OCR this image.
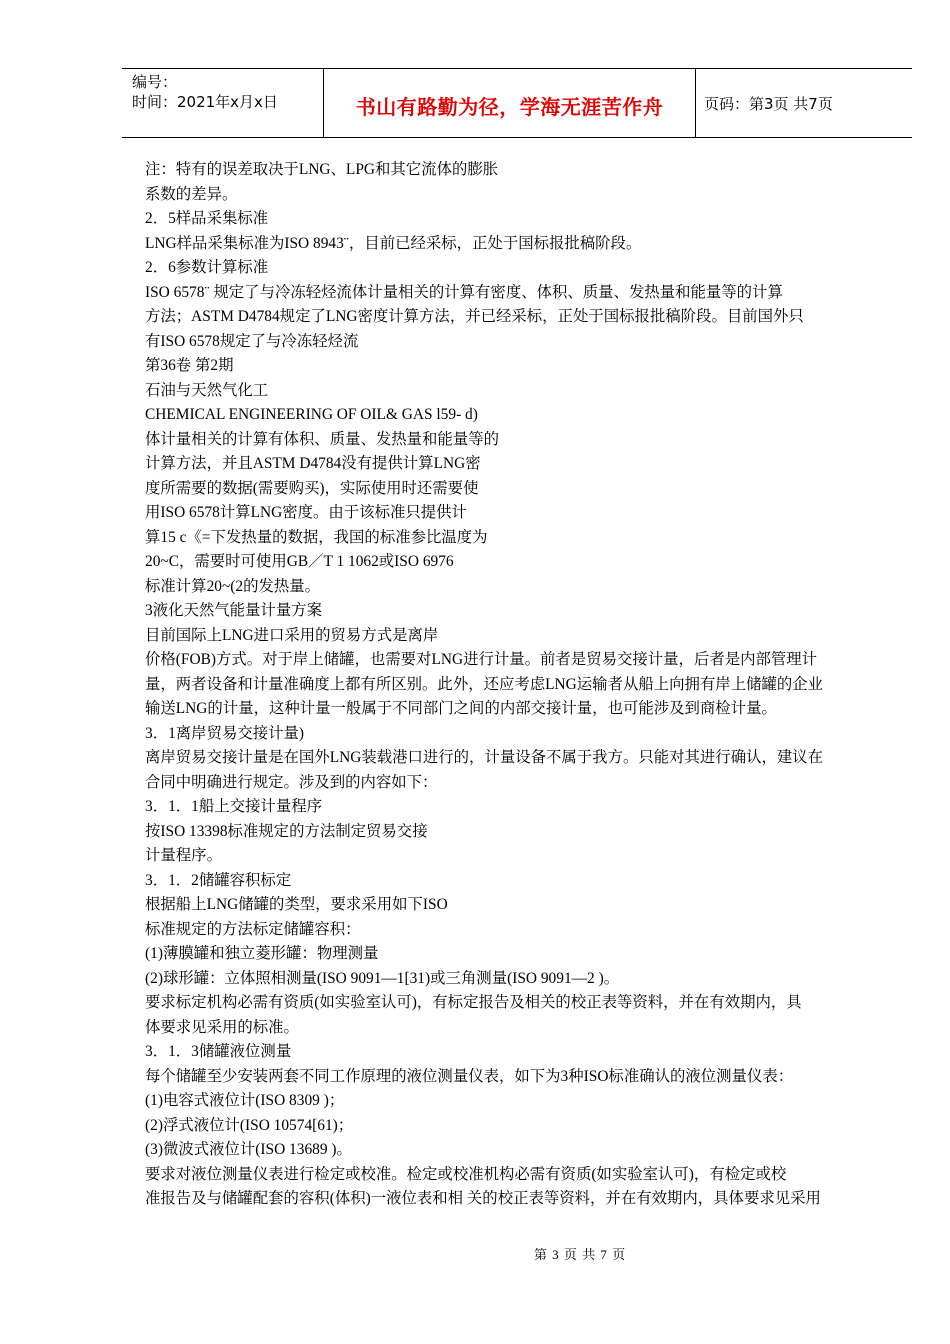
编号：
时间：2021年x月x日	书山有路勤为径，学海无涯苦作舟	页码：第3页 共7页
注：特有的误差取决于LNG、LPG和其它流体的膨胀
系数的差异。
2．5样品采集标准
LNG样品采集标准为ISO 8943¨，目前已经采标，正处于国标报批稿阶段。
2．6参数计算标准
ISO 6578¨ 规定了与冷冻轻烃流体计量相关的计算有密度、体积、质量、发热量和能量等的计算
方法；ASTM D4784规定了LNG密度计算方法，并已经采标，正处于国标报批稿阶段。目前国外只
有ISO 6578规定了与冷冻轻烃流
第36卷 第2期
石油与天然气化工
CHEMICAL ENGINEERING OF OIL& GAS l59- d)
体计量相关的计算有体积、质量、发热量和能量等的
计算方法，并且ASTM D4784没有提供计算LNG密
度所需要的数据(需要购买)，实际使用时还需要使
用ISO 6578计算LNG密度。由于该标准只提供计
算15 c《=下发热量的数据，我国的标准参比温度为
20~C，需要时可使用GB／T 1 1062或ISO 6976
标准计算20~(2的发热量。
3液化天然气能量计量方案
目前国际上LNG进口采用的贸易方式是离岸
价格(FOB)方式。对于岸上储罐，也需要对LNG进行计量。前者是贸易交接计量，后者是内部管理计
量，两者设备和计量准确度上都有所区别。此外，还应考虑LNG运输者从船上向拥有岸上储罐的企业
输送LNG的计量，这种计量一般属于不同部门之间的内部交接计量，也可能涉及到商检计量。
3．1离岸贸易交接计量)
离岸贸易交接计量是在国外LNG装载港口进行的，计量设备不属于我方。只能对其进行确认，建议在
合同中明确进行规定。涉及到的内容如下：
3．1．1船上交接计量程序
按ISO 13398标准规定的方法制定贸易交接
计量程序。
3．1．2储罐容积标定
根据船上LNG储罐的类型，要求采用如下ISO
标准规定的方法标定储罐容积：
(1)薄膜罐和独立菱形罐：物理测量
(2)球形罐：立体照相测量(ISO 9091—1[31)或三角测量(ISO 9091—2 )。
要求标定机构必需有资质(如实验室认可)，有标定报告及相关的校正表等资料，并在有效期内，具
体要求见采用的标准。
3．1．3储罐液位测量
每个储罐至少安装两套不同工作原理的液位测量仪表，如下为3种ISO标准确认的液位测量仪表：
(1)电容式液位计(ISO 8309 )；
(2)浮式液位计(ISO 10574[61)；
(3)微波式液位计(ISO 13689 )。
要求对液位测量仪表进行检定或校准。检定或校准机构必需有资质(如实验室认可)，有检定或校
准报告及与储罐配套的容积(体积)一液位表和相 关的校正表等资料，并在有效期内，具体要求见采用
第 3 页 共 7 页
